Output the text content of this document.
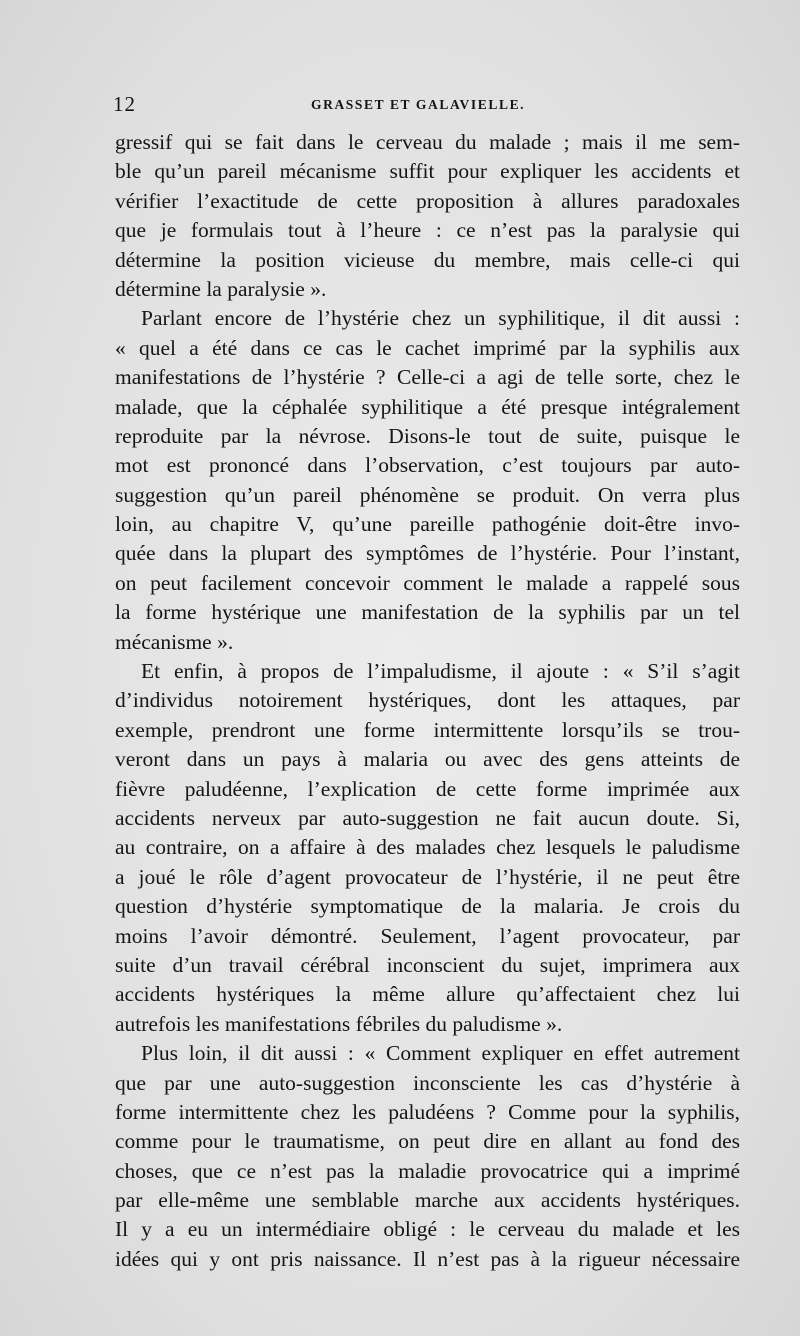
12	GRASSET ET GALAVIELLE.
gressif qui se fait dans le cerveau du malade ; mais il me sem-
ble qu’un pareil mécanisme suffit pour expliquer les accidents et
vérifier l’exactitude de cette proposition à allures paradoxales
que je formulais tout à l’heure : ce n’est pas la paralysie qui
détermine la position vicieuse du membre, mais celle-ci qui
détermine la paralysie ».
Parlant encore de l’hystérie chez un syphilitique, il dit aussi :
« quel a été dans ce cas le cachet imprimé par la syphilis aux
manifestations de l’hystérie ? Celle-ci a agi de telle sorte, chez le
malade, que la céphalée syphilitique a été presque intégralement
reproduite par la névrose. Disons-le tout de suite, puisque le
mot est prononcé dans l’observation, c’est toujours par auto-
suggestion qu’un pareil phénomène se produit. On verra plus
loin, au chapitre V, qu’une pareille pathogénie doit-être invo-
quée dans la plupart des symptômes de l’hystérie. Pour l’instant,
on peut facilement concevoir comment le malade a rappelé sous
la forme hystérique une manifestation de la syphilis par un tel
mécanisme ».
Et enfin, à propos de l’impaludisme, il ajoute : « S’il s’agit
d’individus notoirement hystériques, dont les attaques, par
exemple, prendront une forme intermittente lorsqu’ils se trou-
veront dans un pays à malaria ou avec des gens atteints de
fièvre paludéenne, l’explication de cette forme imprimée aux
accidents nerveux par auto-suggestion ne fait aucun doute. Si,
au contraire, on a affaire à des malades chez lesquels le paludisme
a joué le rôle d’agent provocateur de l’hystérie, il ne peut être
question d’hystérie symptomatique de la malaria. Je crois du
moins l’avoir démontré. Seulement, l’agent provocateur, par
suite d’un travail cérébral inconscient du sujet, imprimera aux
accidents hystériques la même allure qu’affectaient chez lui
autrefois les manifestations fébriles du paludisme ».
Plus loin, il dit aussi : « Comment expliquer en effet autrement
que par une auto-suggestion inconsciente les cas d’hystérie à
forme intermittente chez les paludéens ? Comme pour la syphilis,
comme pour le traumatisme, on peut dire en allant au fond des
choses, que ce n’est pas la maladie provocatrice qui a imprimé
par elle-même une semblable marche aux accidents hystériques.
Il y a eu un intermédiaire obligé : le cerveau du malade et les
idées qui y ont pris naissance. Il n’est pas à la rigueur nécessaire
